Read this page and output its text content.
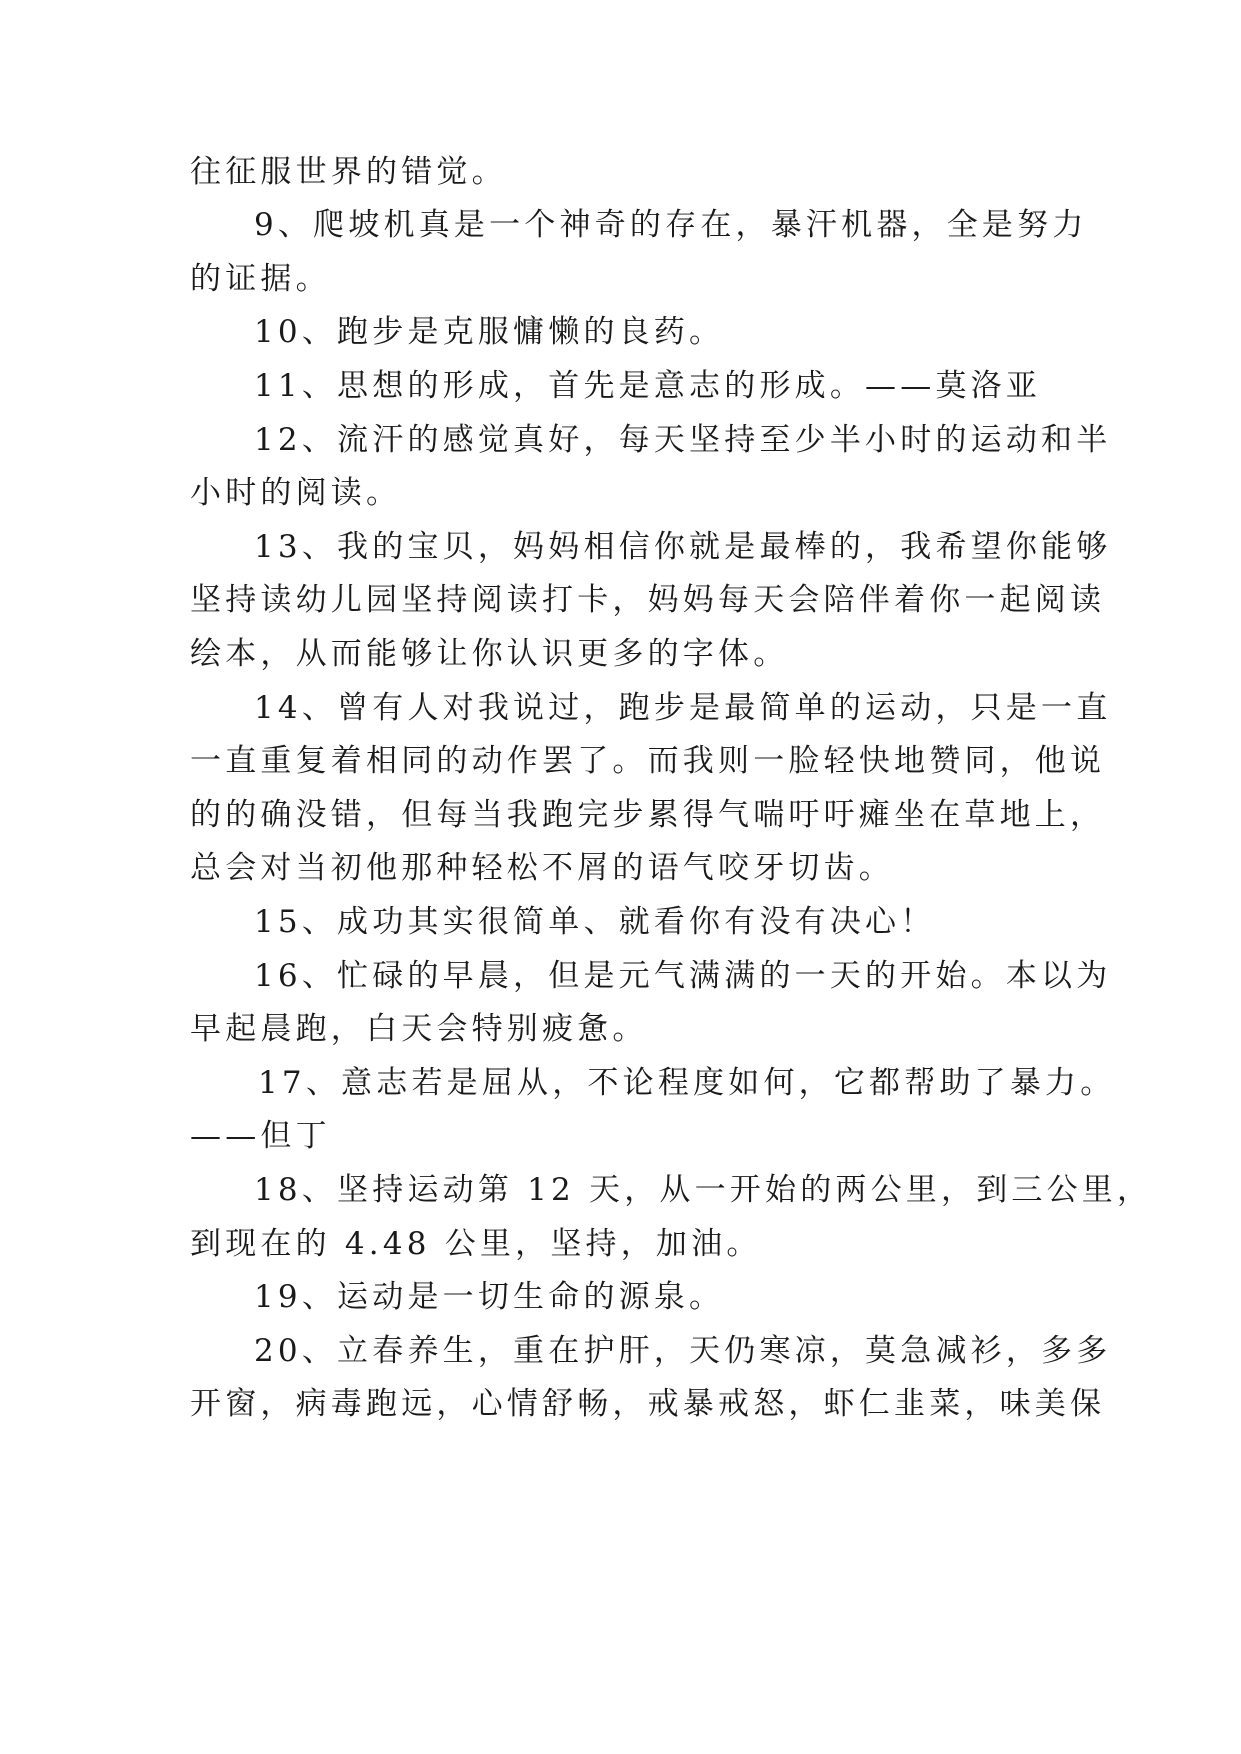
往征服世界的错觉。
9、爬坡机真是一个神奇的存在，暴汗机器，全是努力
的证据。
10、跑步是克服慵懒的良药。
11、思想的形成，首先是意志的形成。——莫洛亚
12、流汗的感觉真好，每天坚持至少半小时的运动和半
小时的阅读。
13、我的宝贝，妈妈相信你就是最棒的，我希望你能够
坚持读幼儿园坚持阅读打卡，妈妈每天会陪伴着你一起阅读
绘本，从而能够让你认识更多的字体。
14、曾有人对我说过，跑步是最简单的运动，只是一直
一直重复着相同的动作罢了。而我则一脸轻快地赞同，他说
的的确没错，但每当我跑完步累得气喘吁吁瘫坐在草地上，
总会对当初他那种轻松不屑的语气咬牙切齿。
15、成功其实很简单、就看你有没有决心！
16、忙碌的早晨，但是元气满满的一天的开始。本以为
早起晨跑，白天会特别疲惫。
17、意志若是屈从，不论程度如何，它都帮助了暴力。
——但丁
18、坚持运动第 12 天，从一开始的两公里，到三公里，
到现在的 4.48 公里，坚持，加油。
19、运动是一切生命的源泉。
20、立春养生，重在护肝，天仍寒凉，莫急减衫，多多
开窗，病毒跑远，心情舒畅，戒暴戒怒，虾仁韭菜，味美保
